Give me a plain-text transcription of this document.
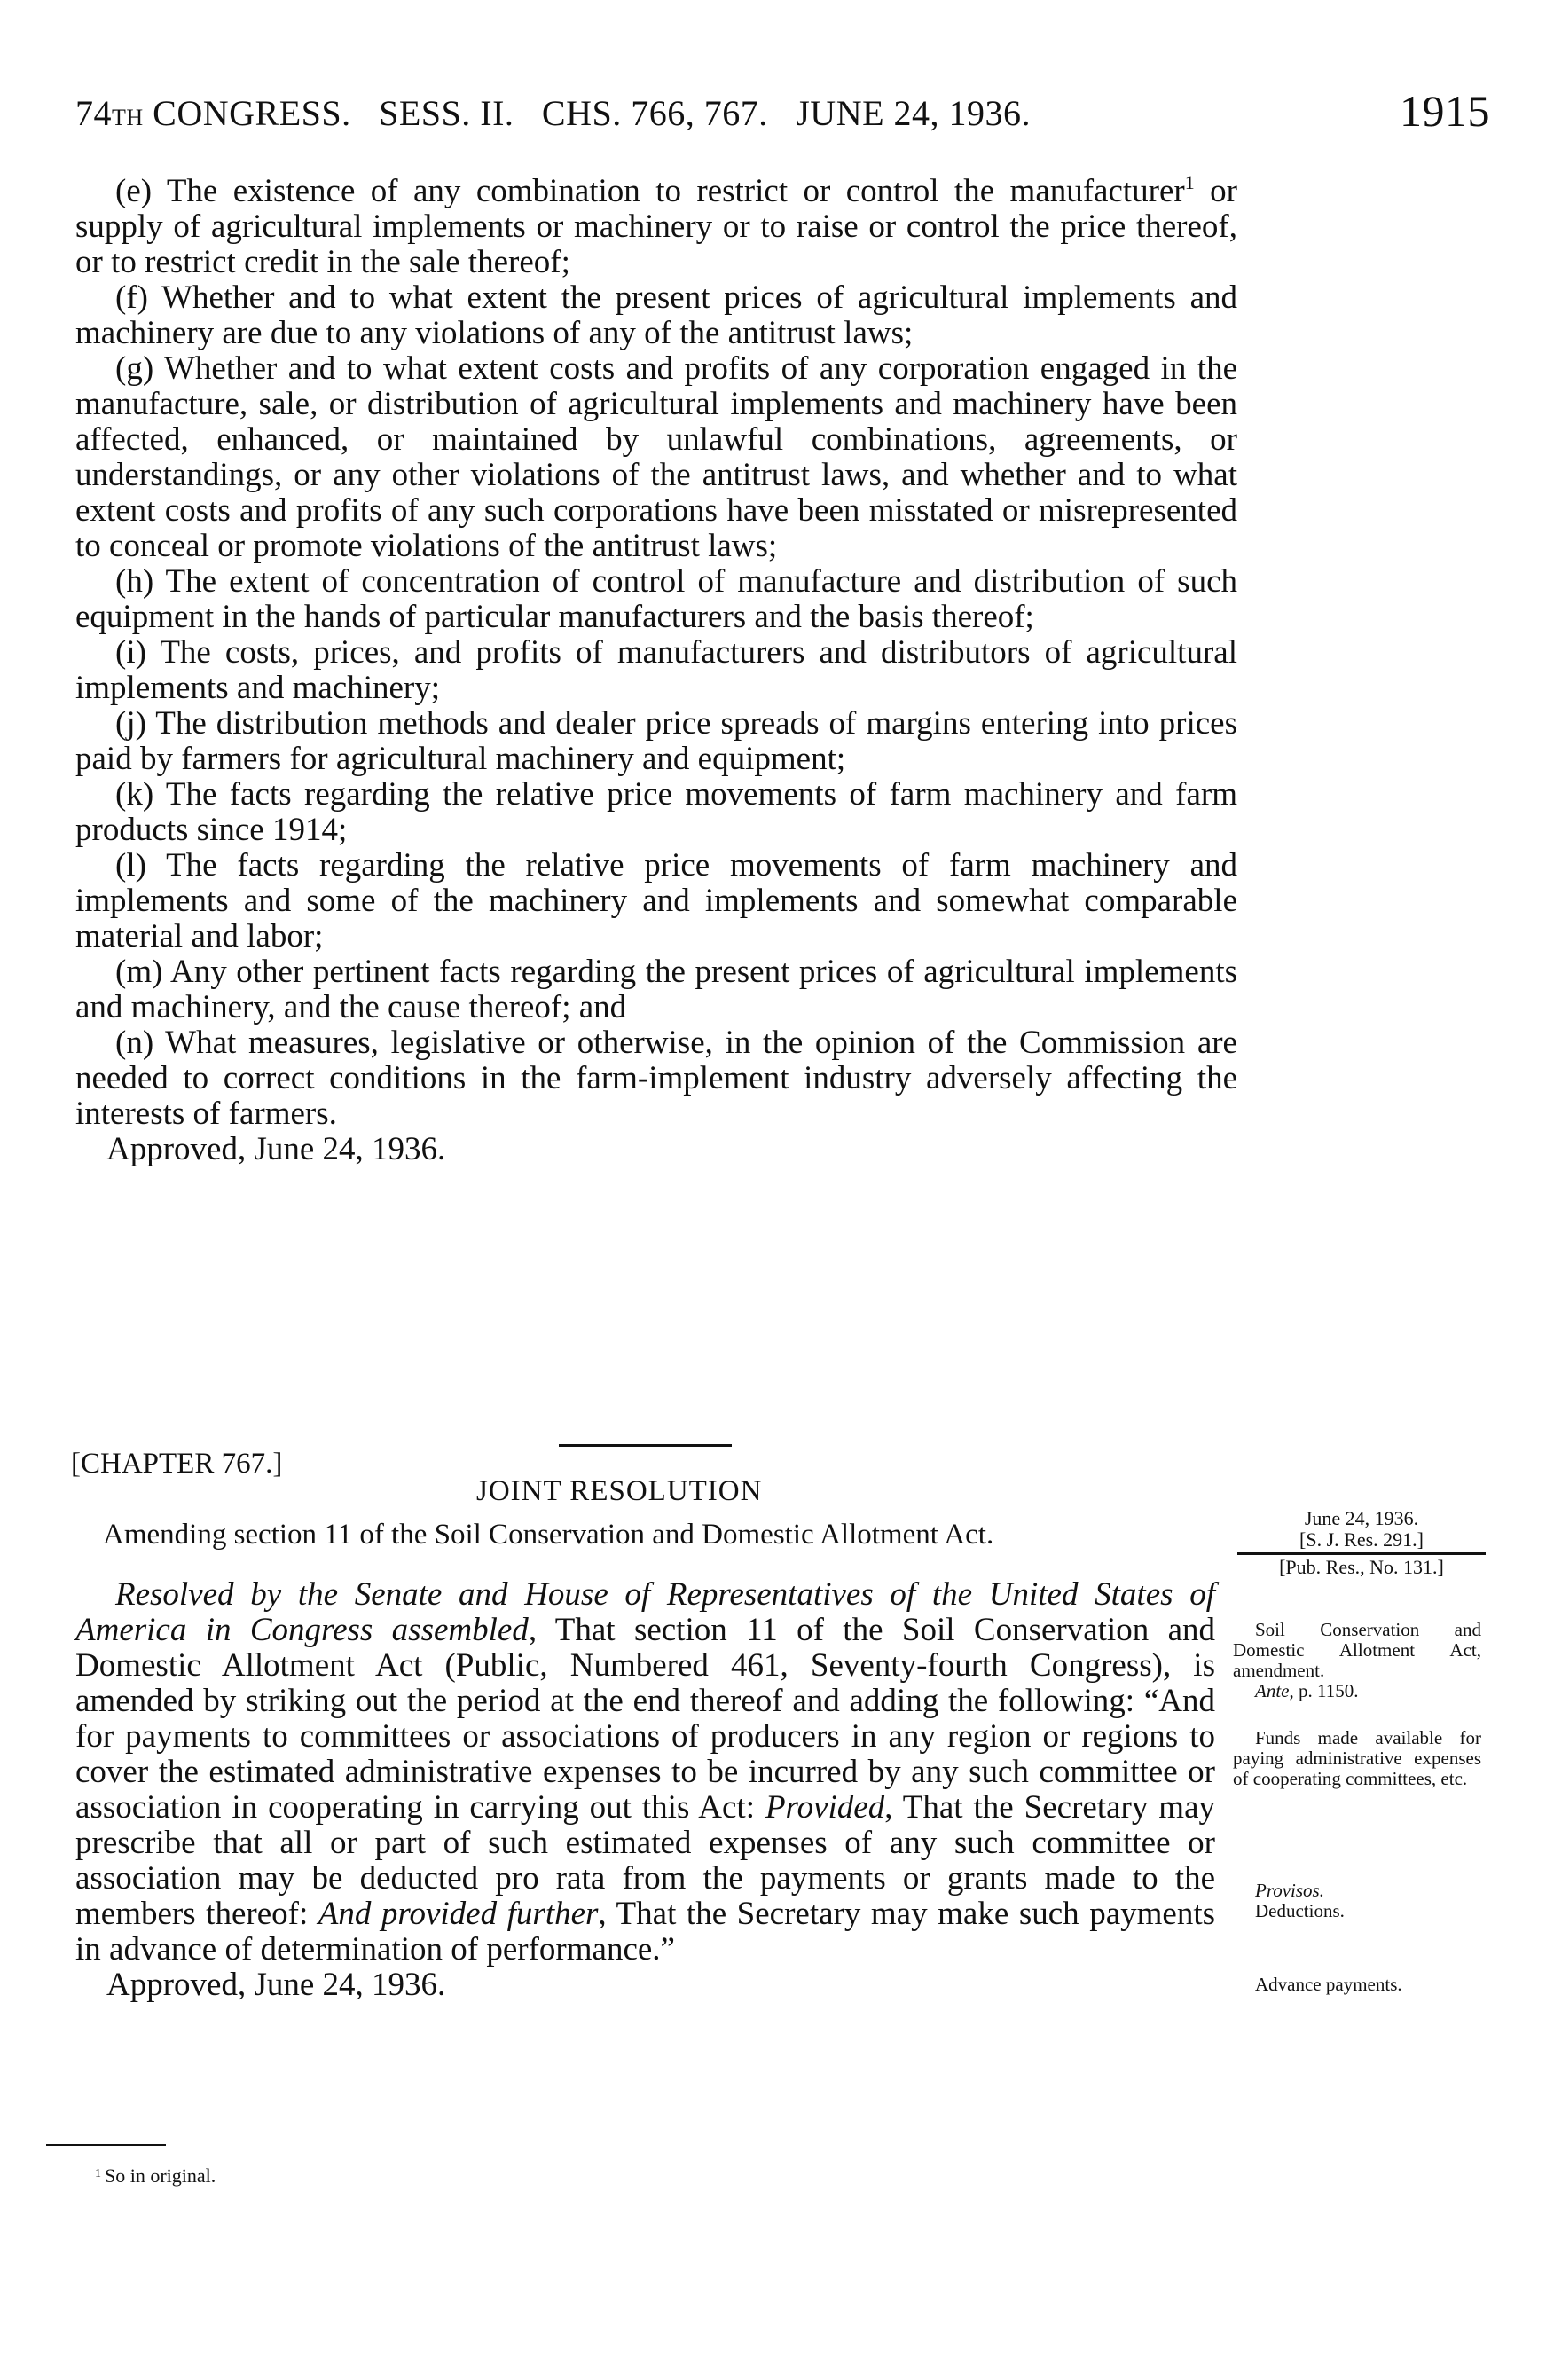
74TH CONGRESS.   SESS. II.   CHS. 766, 767.   JUNE 24, 1936.	1915

(e) The existence of any combination to restrict or control the manufacturer$^1$ or supply of agricultural implements or machinery or to raise or control the price thereof, or to restrict credit in the sale thereof;

(f) Whether and to what extent the present prices of agricultural implements and machinery are due to any violations of any of the antitrust laws;

(g) Whether and to what extent costs and profits of any corporation engaged in the manufacture, sale, or distribution of agricultural implements and machinery have been affected, enhanced, or maintained by unlawful combinations, agreements, or understandings, or any other violations of the antitrust laws, and whether and to what extent costs and profits of any such corporations have been misstated or misrepresented to conceal or promote violations of the antitrust laws;

(h) The extent of concentration of control of manufacture and distribution of such equipment in the hands of particular manufacturers and the basis thereof;

(i) The costs, prices, and profits of manufacturers and distributors of agricultural implements and machinery;

(j) The distribution methods and dealer price spreads of margins entering into prices paid by farmers for agricultural machinery and equipment;

(k) The facts regarding the relative price movements of farm machinery and farm products since 1914;

(l) The facts regarding the relative price movements of farm machinery and implements and some of the machinery and implements and somewhat comparable material and labor;

(m) Any other pertinent facts regarding the present prices of agricultural implements and machinery, and the cause thereof; and

(n) What measures, legislative or otherwise, in the opinion of the Commission are needed to correct conditions in the farm-implement industry adversely affecting the interests of farmers.

Approved, June 24, 1936.

[CHAPTER 767.]
JOINT RESOLUTION
Amending section 11 of the Soil Conservation and Domestic Allotment Act.
June 24, 1936.
[S. J. Res. 291.]
[Pub. Res., No. 131.]

Resolved by the Senate and House of Representatives of the United States of America in Congress assembled, That section 11 of the Soil Conservation and Domestic Allotment Act (Public, Numbered 461, Seventy-fourth Congress), is amended by striking out the period at the end thereof and adding the following: “And for payments to committees or associations of producers in any region or regions to cover the estimated administrative expenses to be incurred by any such committee or association in cooperating in carrying out this Act: Provided, That the Secretary may prescribe that all or part of such estimated expenses of any such committee or association may be deducted pro rata from the payments or grants made to the members thereof: And provided further, That the Secretary may make such payments in advance of determination of performance.”

Approved, June 24, 1936.

Soil Conservation and Domestic Allotment Act, amendment.
Ante, p. 1150.
Funds made available for paying administrative expenses of cooperating committees, etc.
Provisos.
Deductions.
Advance payments.
$^1$ So in original.
